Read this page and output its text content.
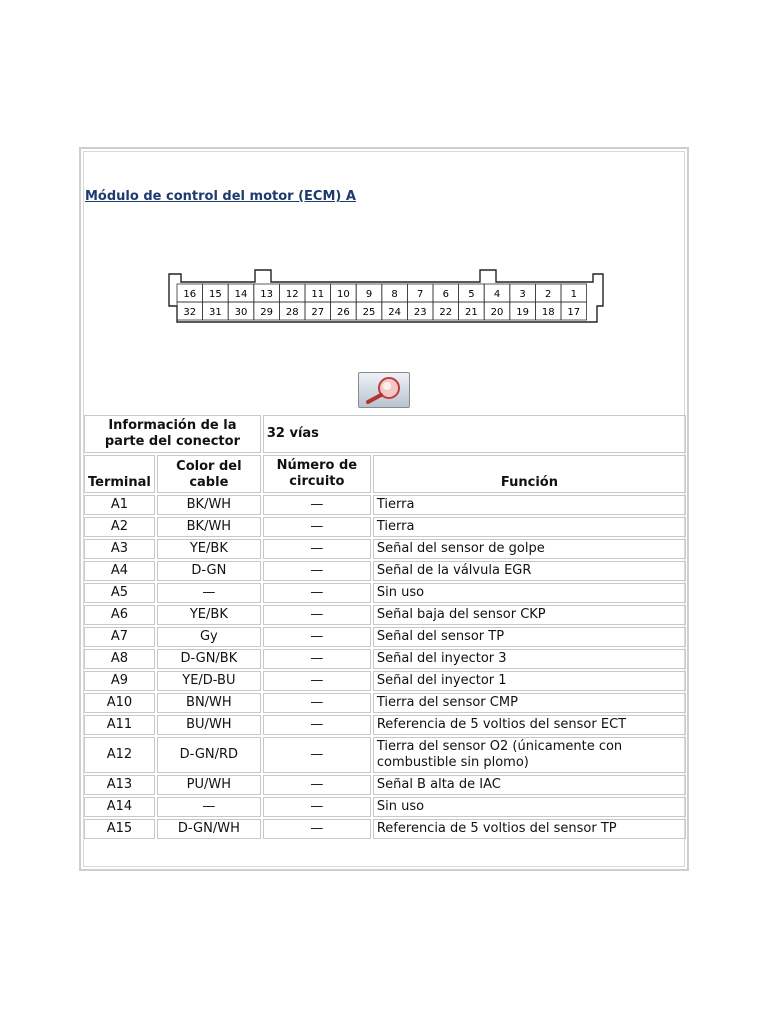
Módulo de control del motor (ECM) A
16 15 14 13 12 11 10 9 8 7 6 5 4 3 2 1
32 31 30 29 28 27 26 25 24 23 22 21 20 19 18 17
Información de la parte del conector		32 vías	
Terminal	Color del cable	Número de circuito	Función
A1	BK/WH	—	Tierra
A2	BK/WH	—	Tierra
A3	YE/BK	—	Señal del sensor de golpe
A4	D-GN	—	Señal de la válvula EGR
A5	—	—	Sin uso
A6	YE/BK	—	Señal baja del sensor CKP
A7	Gy	—	Señal del sensor TP
A8	D-GN/BK	—	Señal del inyector 3
A9	YE/D-BU	—	Señal del inyector 1
A10	BN/WH	—	Tierra del sensor CMP
A11	BU/WH	—	Referencia de 5 voltios del sensor ECT
A12	D-GN/RD	—	Tierra del sensor O2 (únicamente con combustible sin plomo)
A13	PU/WH	—	Señal B alta de IAC
A14	—	—	Sin uso
A15	D-GN/WH	—	Referencia de 5 voltios del sensor TP
